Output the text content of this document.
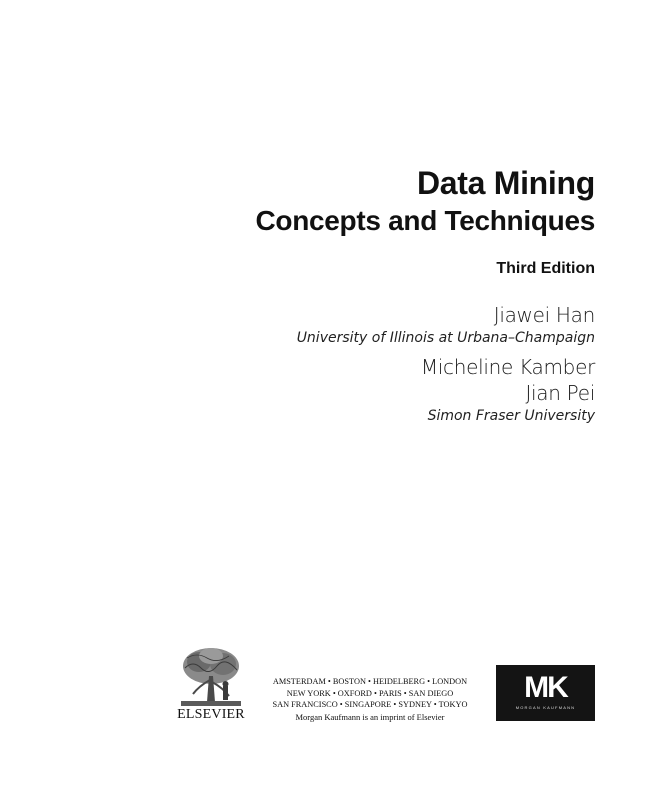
Data Mining
Concepts and Techniques
Third Edition
Jiawei Han
University of Illinois at Urbana–Champaign
Micheline Kamber
Jian Pei
Simon Fraser University
ELSEVIER
AMSTERDAM • BOSTON • HEIDELBERG • LONDON
NEW YORK • OXFORD • PARIS • SAN DIEGO
SAN FRANCISCO • SINGAPORE • SYDNEY • TOKYO
Morgan Kaufmann is an imprint of Elsevier
MK
MORGAN KAUFMANN
